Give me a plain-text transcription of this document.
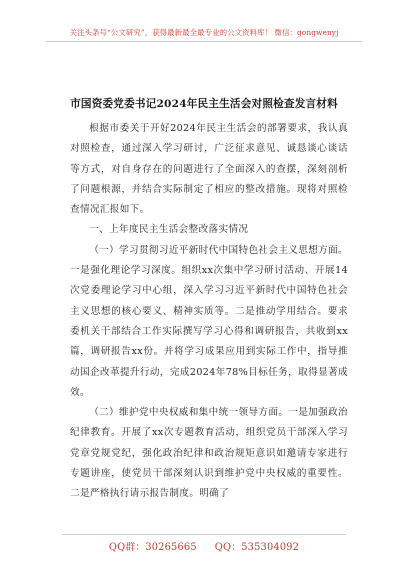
关注头条号“公文研究”，获得最新最全最专业的公文资料库！ 微信：gongwenyj
市国资委党委书记2024年民主生活会对照检查发言材料

根据市委关于开好2024年民主生活会的部署要求，我认真对照检查，通过深入学习研讨，广泛征求意见、诚恳谈心谈话等方式，对自身存在的问题进行了全面深入的查摆，深刻剖析了问题根源，并结合实际制定了相应的整改措施。现将对照检查情况汇报如下。

一、上年度民主生活会整改落实情况

（一）学习贯彻习近平新时代中国特色社会主义思想方面。一是强化理论学习深度。组织xx次集中学习研讨活动、开展14次党委理论学习中心组，深入学习习近平新时代中国特色社会主义思想的核心要义、精神实质等。二是推动学用结合。要求委机关干部结合工作实际撰写学习心得和调研报告，共收到xx篇，调研报告xx份。并将学习成果应用到实际工作中，指导推动国企改革提升行动，完成2024年78%目标任务，取得显著成效。

（二）维护党中央权威和集中统一领导方面。一是加强政治纪律教育。开展了xx次专题教育活动，组织党员干部深入学习党章党规党纪，强化政治纪律和政治规矩意识如邀请专家进行专题讲座，使党员干部深刻认识到维护党中央权威的重要性。二是严格执行请示报告制度。明确了

QQ群：30265665 QQ：535304092
